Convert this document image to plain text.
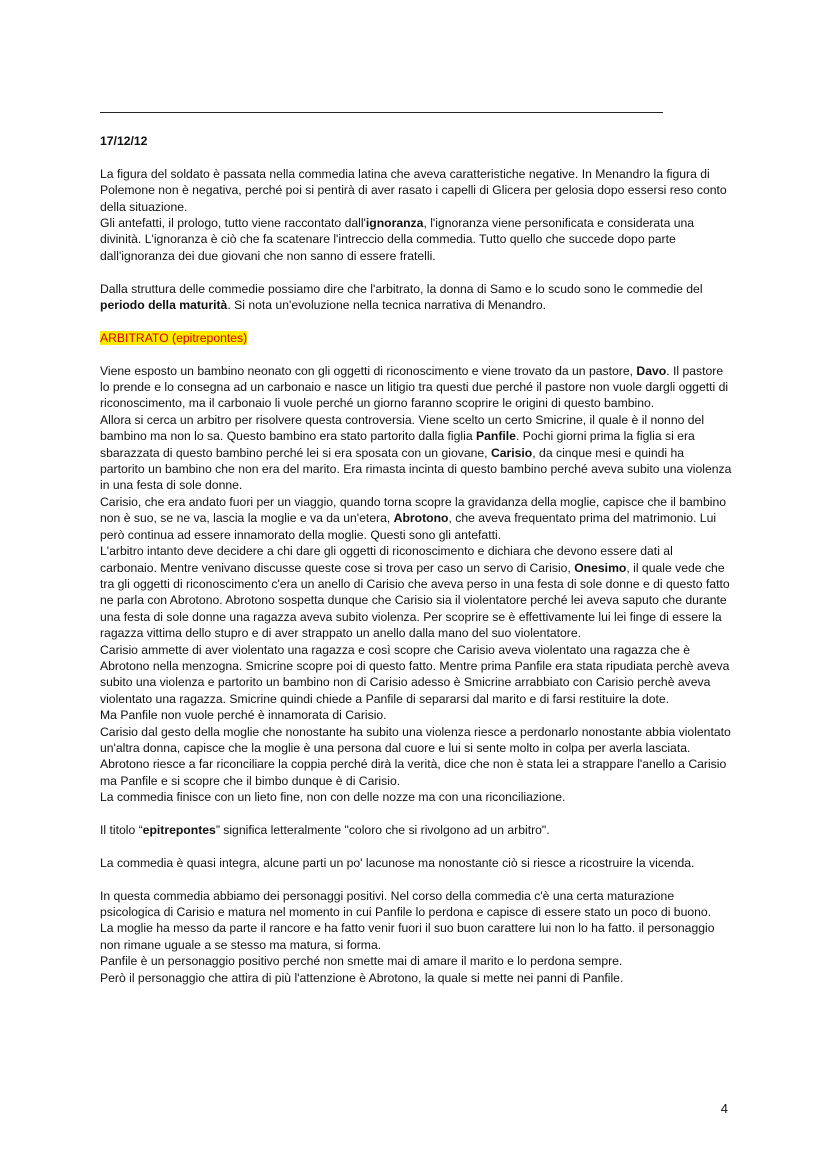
17/12/12

La figura del soldato è passata nella commedia latina che aveva caratteristiche negative. In Menandro la figura di Polemone non è negativa, perché poi si pentirà di aver rasato i capelli di Glicera per gelosia dopo essersi reso conto della situazione.
Gli antefatti, il prologo, tutto viene raccontato dall'ignoranza, l'ignoranza viene personificata e considerata una divinità. L'ignoranza è ciò che fa scatenare l'intreccio della commedia. Tutto quello che succede dopo parte dall'ignoranza dei due giovani che non sanno di essere fratelli.

Dalla struttura delle commedie possiamo dire che l'arbitrato, la donna di Samo e lo scudo sono le commedie del periodo della maturità. Si nota un'evoluzione nella tecnica narrativa di Menandro.

ARBITRATO (epitrepontes)

Viene esposto un bambino neonato con gli oggetti di riconoscimento e viene trovato da un pastore, Davo. Il pastore lo prende e lo consegna ad un carbonaio e nasce un litigio tra questi due perché il pastore non vuole dargli oggetti di riconoscimento, ma il carbonaio li vuole perché un giorno faranno scoprire le origini di questo bambino.
Allora si cerca un arbitro per risolvere questa controversia. Viene scelto un certo Smicrine, il quale è il nonno del bambino ma non lo sa. Questo bambino era stato partorito dalla figlia Panfile. Pochi giorni prima la figlia si era sbarazzata di questo bambino perché lei si era sposata con un giovane, Carisio, da cinque mesi e quindi ha partorito un bambino che non era del marito. Era rimasta incinta di questo bambino perché aveva subito una violenza in una festa di sole donne.
Carisio, che era andato fuori per un viaggio, quando torna scopre la gravidanza della moglie, capisce che il bambino non è suo, se ne va, lascia la moglie e va da un'etera, Abrotono, che aveva frequentato prima del matrimonio. Lui però continua ad essere innamorato della moglie. Questi sono gli antefatti.
L'arbitro intanto deve decidere a chi dare gli oggetti di riconoscimento e dichiara che devono essere dati al carbonaio. Mentre venivano discusse queste cose si trova per caso un servo di Carisio, Onesimo, il quale vede che tra gli oggetti di riconoscimento c'era un anello di Carisio che aveva perso in una festa di sole donne e di questo fatto ne parla con Abrotono. Abrotono sospetta dunque che Carisio sia il violentatore perché lei aveva saputo che durante una festa di sole donne una ragazza aveva subito violenza. Per scoprire se è effettivamente lui lei finge di essere la ragazza vittima dello stupro e di aver strappato un anello dalla mano del suo violentatore.
Carisio ammette di aver violentato una ragazza e così scopre che Carisio aveva violentato una ragazza che è Abrotono nella menzogna. Smicrine scopre poi di questo fatto. Mentre prima Panfile era stata ripudiata perchè aveva subito una violenza e partorito un bambino non di Carisio adesso è Smicrine arrabbiato con Carisio perchè aveva violentato una ragazza. Smicrine quindi chiede a Panfile di separarsi dal marito e di farsi restituire la dote.
Ma Panfile non vuole perché è innamorata di Carisio.
Carisio dal gesto della moglie che nonostante ha subito una violenza riesce a perdonarlo nonostante abbia violentato un'altra donna, capisce che la moglie è una persona dal cuore e lui si sente molto in colpa per averla lasciata.
Abrotono riesce a far riconciliare la coppia perché dirà la verità, dice che non è stata lei a strappare l'anello a Carisio ma Panfile e si scopre che il bimbo dunque è di Carisio.
La commedia finisce con un lieto fine, non con delle nozze ma con una riconciliazione.

Il titolo “epitrepontes” significa letteralmente "coloro che si rivolgono ad un arbitro".

La commedia è quasi integra, alcune parti un po' lacunose ma nonostante ciò si riesce a ricostruire la vicenda.

In questa commedia abbiamo dei personaggi positivi. Nel corso della commedia c'è una certa maturazione psicologica di Carisio e matura nel momento in cui Panfile lo perdona e capisce di essere stato un poco di buono.
La moglie ha messo da parte il rancore e ha fatto venir fuori il suo buon carattere lui non lo ha fatto. il personaggio non rimane uguale a se stesso ma matura, si forma.
Panfile è un personaggio positivo perché non smette mai di amare il marito e lo perdona sempre.
Però il personaggio che attira di più l'attenzione è Abrotono, la quale si mette nei panni di Panfile.

4
